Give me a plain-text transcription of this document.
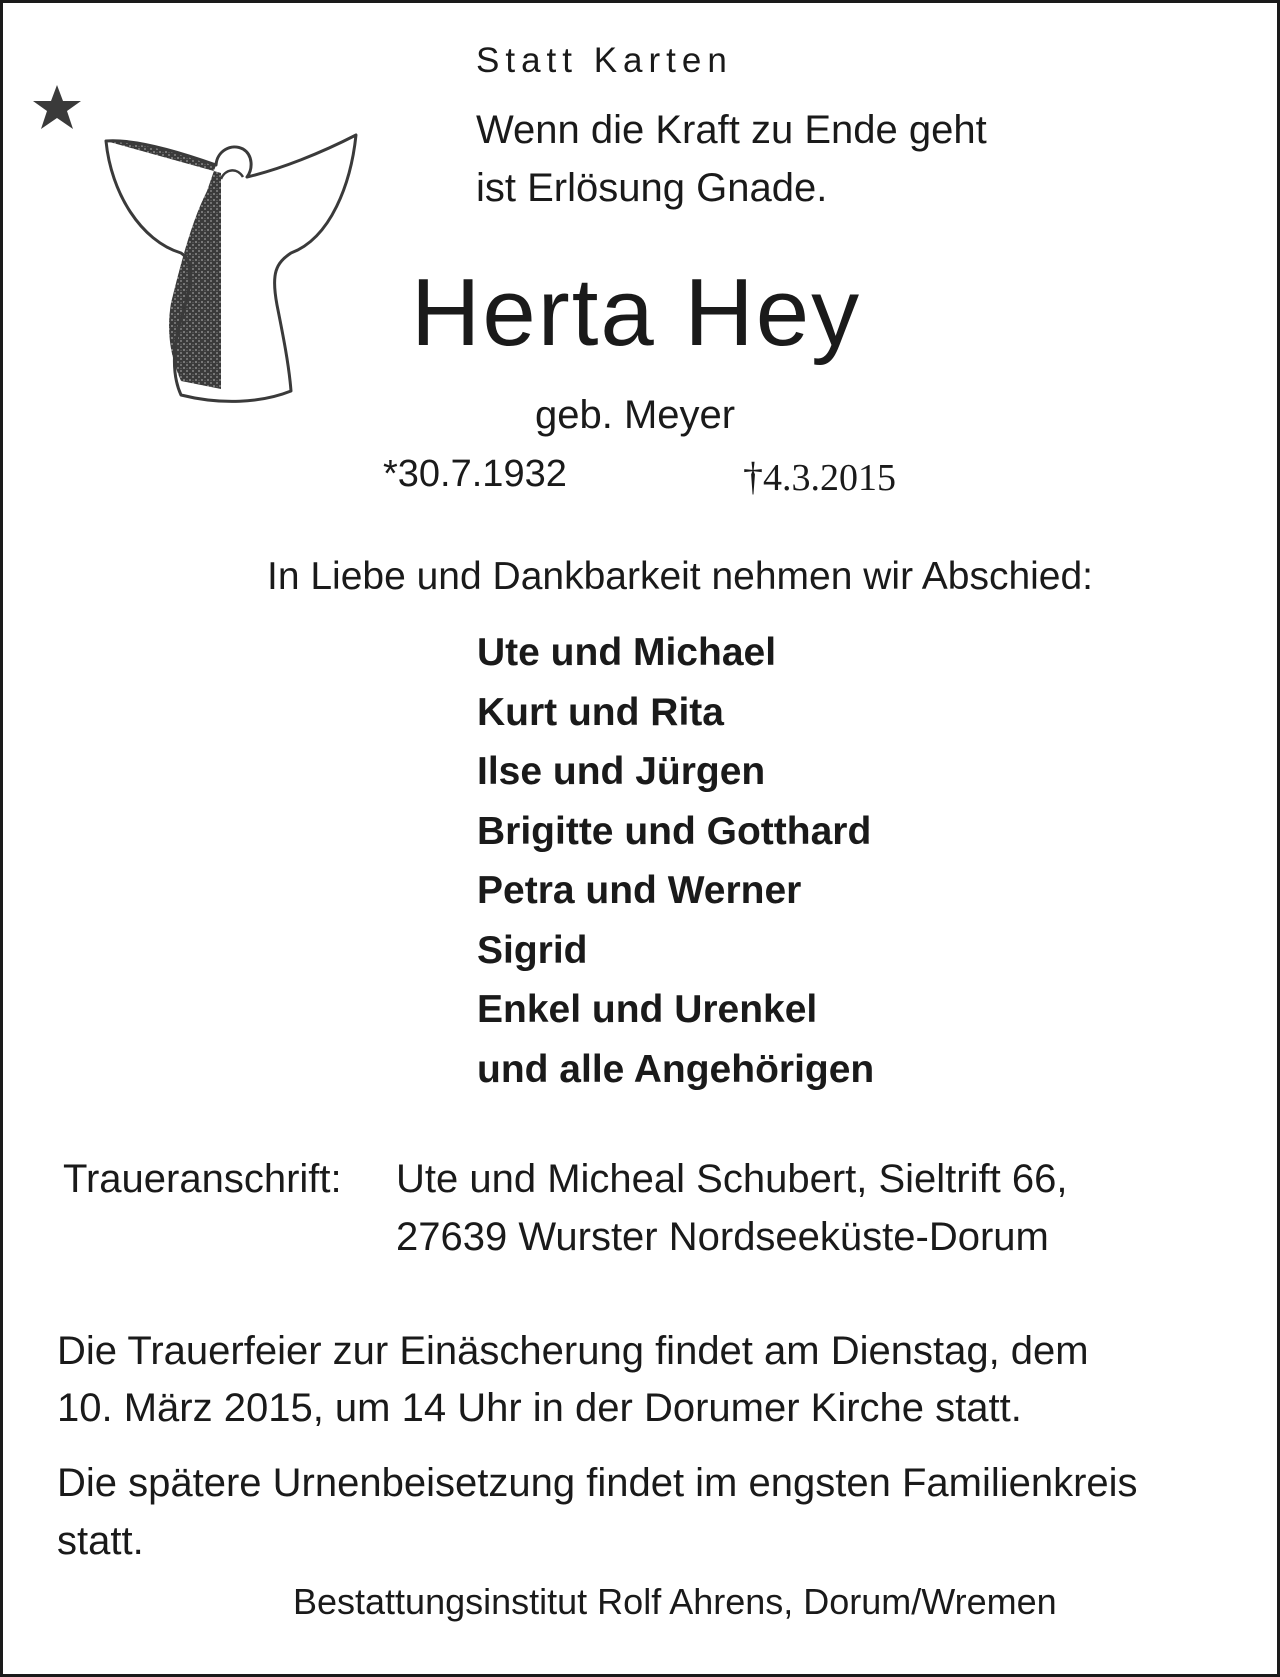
Statt Karten

Wenn die Kraft zu Ende geht

ist Erlösung Gnade.

Herta Hey

geb. Meyer

*30.7.1932	†4.3.2015

In Liebe und Dankbarkeit nehmen wir Abschied:

Ute und Michael
Kurt und Rita
Ilse und Jürgen
Brigitte und Gotthard
Petra und Werner
Sigrid
Enkel und Urenkel
und alle Angehörigen

Traueranschrift: Ute und Micheal Schubert, Sieltrift 66,

27639 Wurster Nordseeküste-Dorum

Die Trauerfeier zur Einäscherung findet am Dienstag, dem

10. März 2015, um 14 Uhr in der Dorumer Kirche statt.

Die spätere Urnenbeisetzung findet im engsten Familienkreis

statt.

Bestattungsinstitut Rolf Ahrens, Dorum/Wremen
